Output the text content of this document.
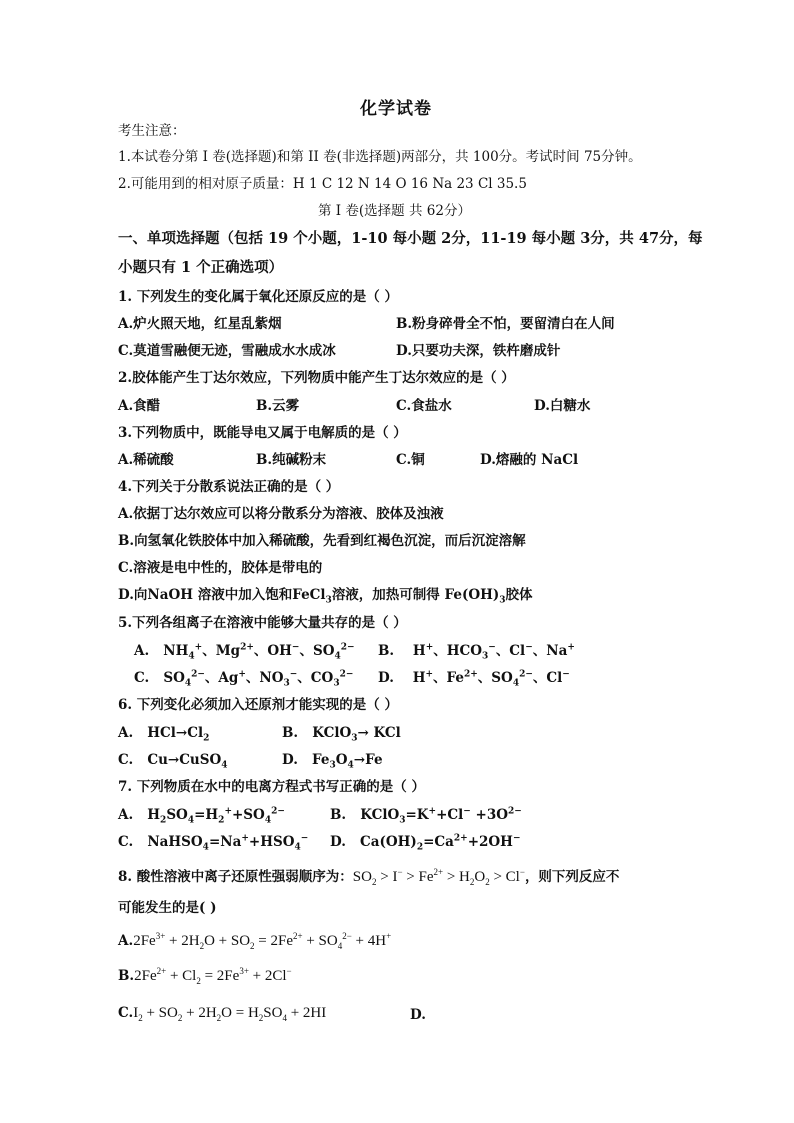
化学试卷
考生注意：
1.本试卷分第 I 卷(选择题)和第 II 卷(非选择题)两部分，共 100分。考试时间 75分钟。
2.可能用到的相对原子质量：H 1 C 12 N 14 O 16 Na 23 Cl 35.5
第 I 卷(选择题 共 62分）
一、单项选择题（包括 19 个小题，1-10 每小题 2分，11-19 每小题 3分，共 47分，每
小题只有 1 个正确选项）
1. 下列发生的变化属于氧化还原反应的是（ ）
A.炉火照天地，红星乱紫烟	B.粉身碎骨全不怕，要留清白在人间
C.莫道雪融便无迹，雪融成水水成冰	D.只要功夫深，铁杵磨成针
2.胶体能产生丁达尔效应，下列物质中能产生丁达尔效应的是（ ）
A.食醋	B.云雾	C.食盐水	D.白糖水
3.下列物质中，既能导电又属于电解质的是（ ）
A.稀硫酸	B.纯碱粉末	C.铜	D.熔融的 NaCl
4.下列关于分散系说法正确的是（ ）
A.依据丁达尔效应可以将分散系分为溶液、胶体及浊液
B.向氢氧化铁胶体中加入稀硫酸，先看到红褐色沉淀，而后沉淀溶解
C.溶液是电中性的，胶体是带电的
D.向NaOH 溶液中加入饱和FeCl$_3$溶液，加热可制得 $Fe(OH)_3$胶体
5.下列各组离子在溶液中能够大量共存的是（ ）
A.   $NH_4^+$、$Mg^{2+}$、OH−、$SO_4^{2-}$ B.    H+、$HCO_3^-$、Cl−、Na+
C.   $SO_4^{2-}$、Ag+、$NO_3^-$、$CO_3^{2-}$ D.    H+、$Fe^{2+}$、$SO_4^{2-}$、Cl−
6. 下列变化必须加入还原剂才能实现的是（ ）
A.   $HCl\to Cl_2$	B.   KClO$_3$→ KCl
C.   Cu→CuSO$_4$	D.   $Fe_3O_4\to Fe$
7. 下列物质在水中的电离方程式书写正确的是（ ）
A.   $H_2SO_4=H_2^++SO_4^{2-}$	B.   KClO$_3$=K++Cl− $+3O^{2-}$
C.   $NaHSO_4=Na^++HSO_4^-$ D.   $Ca(OH)_2=Ca^{2+}+2OH^-$
8. 酸性溶液中离子还原性强弱顺序为：$SO_2 > I^- > Fe^{2+} > H_2O_2 > Cl^-$，则下列反应不
可能发生的是( )
$A.2Fe^{3+} + 2H_2O + SO_2 = 2Fe^{2+} + SO_4^{2-} + 4H^+$
$B.2Fe^{2+} + Cl_2 = 2Fe^{3+} + 2Cl^-$
$C.I_2 + SO_2 + 2H_2O = H_2SO_4 + 2HI$	D.
